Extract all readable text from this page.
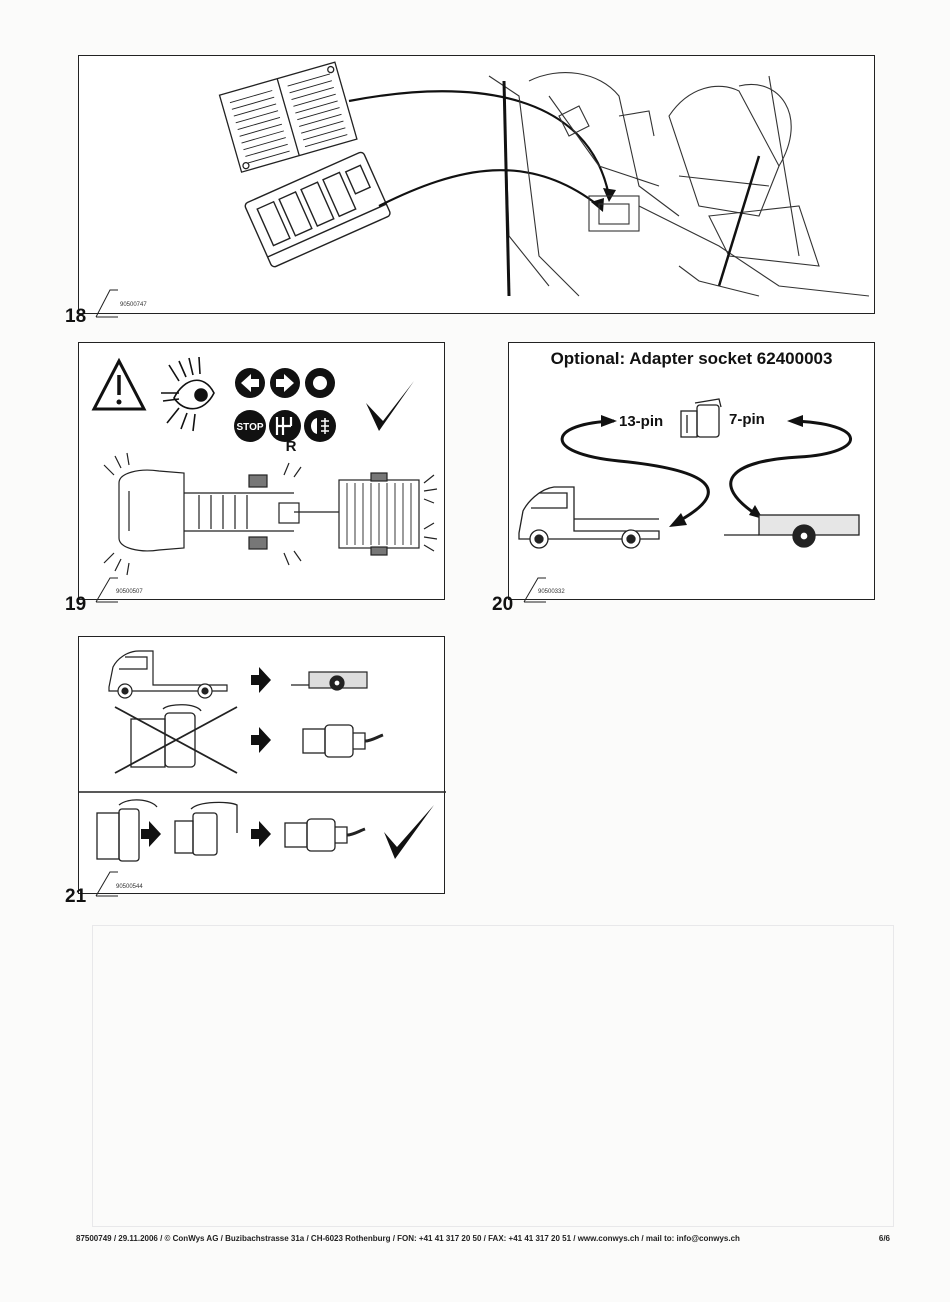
18
90500747
STOP
R
19
90500507
Optional: Adapter socket 62400003
13-pin	7-pin
20
90500332
21	90500544
87500749 / 29.11.2006 / © ConWys AG / Buzibachstrasse 31a / CH-6023 Rothenburg / FON: +41 41 317 20 50 / FAX: +41 41 317 20 51 / www.conwys.ch / mail to: info@conwys.ch	6/6
